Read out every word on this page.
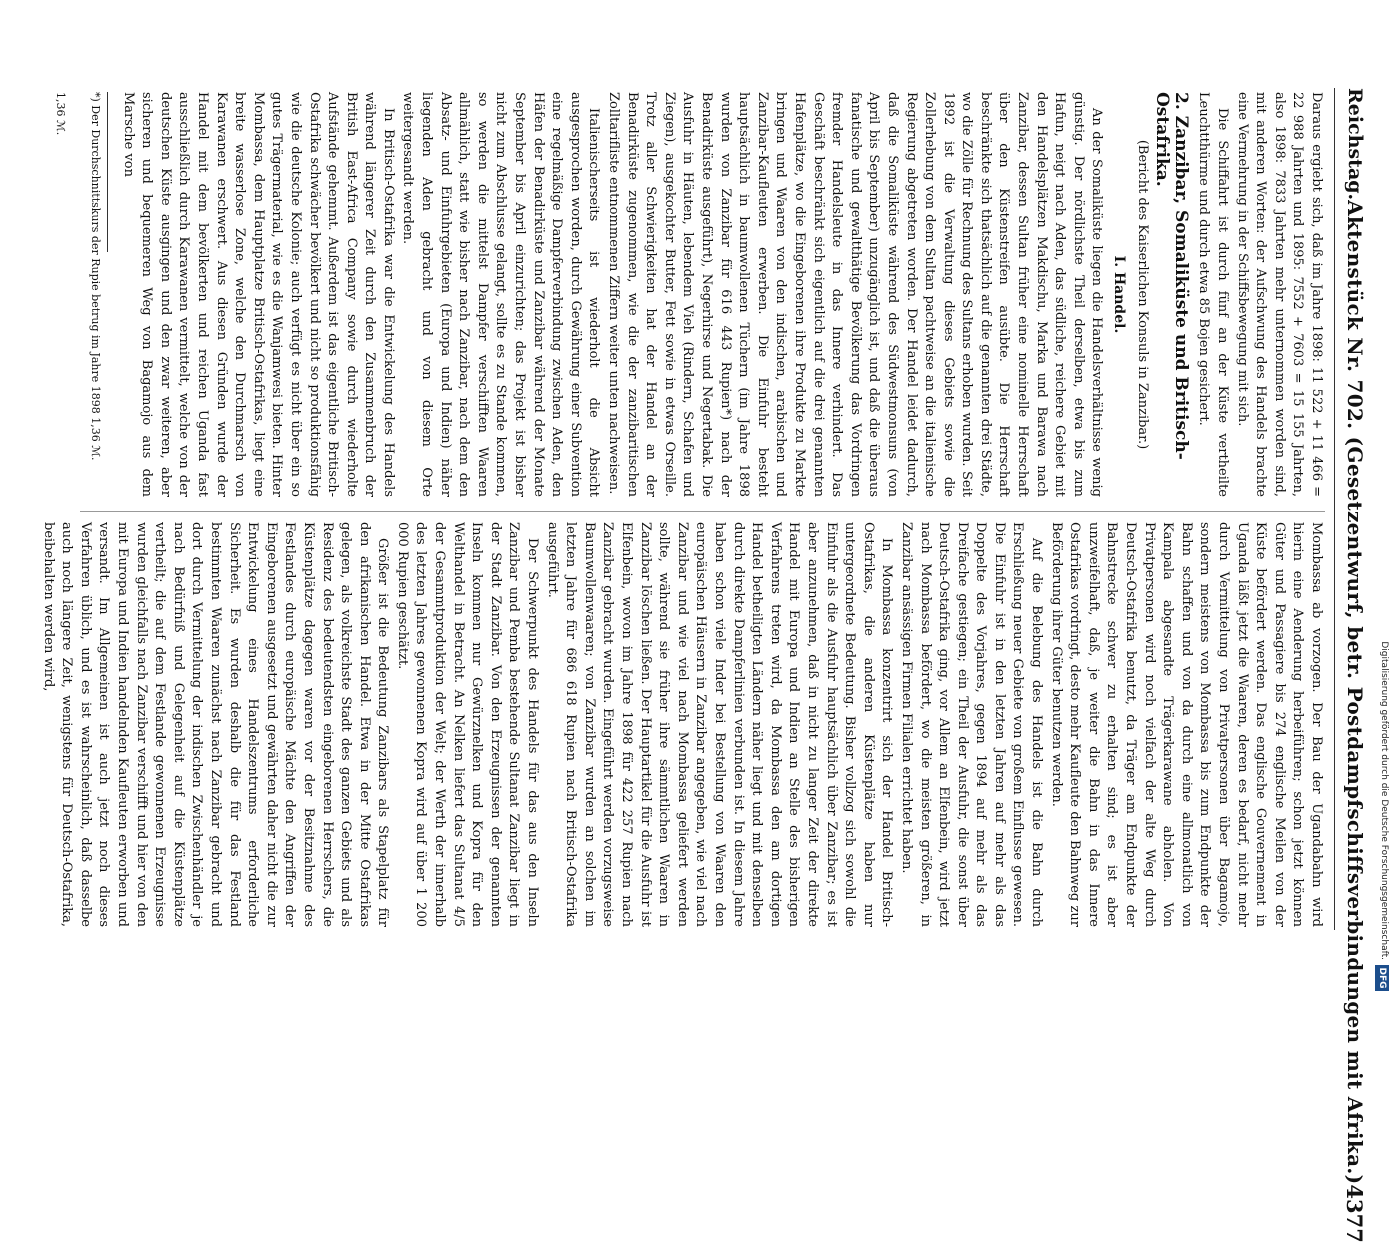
Digitalisierung gefördert durch die Deutsche Forschungsgemeinschaft.
DFG
Reichstag.
Aktenstück Nr. 702. (Gesetzentwurf, betr. Postdampfschiffsverbindungen mit Afrika.)
4377

Daraus ergiebt sich, daß im Jahre 1898: 11 522 + 11 466 = 22 988 Jahrten und 1895: 7552 + 7603 = 15 155 Jahrten, also 1898: 7833 Jahrten mehr unternommen worden sind, mit anderen Worten: der Aufschwung des Handels brachte eine Vermehrung in der Schiffsbewegung mit sich.

Die Schiffahrt ist durch fünf an der Küste vertheilte Leuchtthürme und durch etwa 85 Bojen gesichert.

2. Zanzibar, Somaliküste und Britisch-Ostafrika.
(Bericht des Kaiserlichen Konsuls in Zanzibar.)
I. Handel.

An der Somaliküste liegen die Handelsverhältnisse wenig günstig. Der nördlichste Theil derselben, etwa bis zum Hafun, neigt nach Aden, das südliche, reichere Gebiet mit den Handelsplätzen Makdischu, Marka und Barawa nach Zanzibar, dessen Sultan früher eine nominelle Herrschaft über den Küstenstreifen ausübte. Die Herrschaft beschränkte sich thatsächlich auf die genannten drei Städte, wo die Zölle für Rechnung des Sultans erhoben wurden. Seit 1892 ist die Verwaltung dieses Gebiets sowie die Zollerhebung von dem Sultan pachtweise an die italienische Regierung abgetreten worden. Der Handel leidet dadurch, daß die Somaliküste während des Südwestmonsuns (von April bis September) unzugänglich ist, und daß die überaus fanatische und gewaltthätige Bevölkerung das Vordringen fremder Handelsleute in das Innere verhindert. Das Geschäft beschränkt sich eigentlich auf die drei genannten Hafenplätze, wo die Eingeborenen ihre Produkte zu Markte bringen und Waaren von den indischen, arabischen und Zanzibar-Kaufleuten erwerben. Die Einfuhr besteht hauptsächlich in baumwollenen Tüchern (im Jahre 1898 wurden von Zanzibar für 616 443 Rupien*) nach der Benadirküste ausgeführt), Negerhirse und Negertabak. Die Ausfuhr in Häuten, lebendem Vieh (Rindern, Schafen und Ziegen), ausgekochter Butter, Fett sowie in etwas Orseille. Trotz aller Schwierigkeiten hat der Handel an der Benadirküste zugenommen, wie die der zanzibaritischen Zolltarifliste entnommenen Ziffern weiter unten nachweisen.

Italienischerseits ist wiederholt die Absicht ausgesprochen worden, durch Gewährung einer Subvention eine regelmäßige Dampferverbindung zwischen Aden, den Häfen der Benadirküste und Zanzibar während der Monate September bis April einzurichten; das Projekt ist bisher nicht zum Abschlusse gelangt, sollte es zu Stande kommen, so werden die mittelst Dampfer verschifften Waaren allmählich, statt wie bisher nach Zanzibar, nach dem den Absatz- und Einfuhrgebieten (Europa und Indien) näher liegenden Aden gebracht und von diesem Orte weitergesandt werden.

In Britisch-Ostafrika war die Entwickelung des Handels während längerer Zeit durch den Zusammenbruch der British East-Africa Company sowie durch wiederholte Aufstände gehemmt. Außerdem ist das eigentliche Britisch-Ostafrika schwächer bevölkert und nicht so produktionsfähig wie die deutsche Kolonie; auch verfügt es nicht über ein so gutes Trägermaterial, wie es die Wanjamwesi bieten. Hinter Mombassa, dem Hauptplatze Britisch-Ostafrikas, liegt eine breite wasserlose Zone, welche den Durchmarsch von Karawanen erschwert. Aus diesen Gründen wurde der Handel mit dem bevölkerten und reichen Uganda fast ausschließlich durch Karawanen vermittelt, welche von der deutschen Küste ausgingen und den zwar weiteren, aber sicheren und bequemeren Weg von Bagamojo aus dem Marsche von

*) Der Durchschnittskurs der Rupie betrug im Jahre 1898 1,36 ℳ.

Mombassa ab vorzogen. Der Bau der Ugandabahn wird hierin eine Aenderung herbeiführen; schon jetzt können Güter und Passagiere bis 274 englische Meilen von der Küste befördert werden. Das englische Gouvernement in Uganda läßt jetzt die Waaren, deren es bedarf, nicht mehr durch Vermittelung von Privatpersonen über Bagamojo, sondern meistens von Mombassa bis zum Endpunkte der Bahn schaffen und von da durch eine allmonatlich von Kampala abgesandte Trägerkarawane abholen. Von Privatpersonen wird noch vielfach der alte Weg durch Deutsch-Ostafrika benutzt, da Träger am Endpunkte der Bahnstrecke schwer zu erhalten sind; es ist aber unzweifelhaft, daß, je weiter die Bahn in das Innere Ostafrikas vordringt, desto mehr Kaufleute den Bahnweg zur Beförderung ihrer Güter benutzen werden.

Auf die Belebung des Handels ist die Bahn durch Erschließung neuer Gebiete von großem Einflusse gewesen. Die Einfuhr ist in den letzten Jahren auf mehr als das Doppelte des Vorjahres, gegen 1894 auf mehr als das Dreifache gestiegen; ein Theil der Ausfuhr, die sonst über Deutsch-Ostafrika ging, vor Allem an Elfenbein, wird jetzt nach Mombassa befördert, wo die meisten größeren, in Zanzibar ansässigen Firmen Filialen errichtet haben.

In Mombassa konzentrirt sich der Handel Britisch-Ostafrikas, die anderen Küstenplätze haben nur untergeordnete Bedeutung. Bisher vollzog sich sowohl die Einfuhr als die Ausfuhr hauptsächlich über Zanzibar; es ist aber anzunehmen, daß in nicht zu langer Zeit der direkte Handel mit Europa und Indien an Stelle des bisherigen Verfahrens treten wird, da Mombassa den am dortigen Handel betheiligten Ländern näher liegt und mit denselben durch direkte Dampferlinien verbunden ist. In diesem Jahre haben schon viele Inder bei Bestellung von Waaren den europäischen Häusern in Zanzibar angegeben, wie viel nach Zanzibar und wie viel nach Mombassa geliefert werden sollte, während sie früher ihre sämmtlichen Waaren in Zanzibar löschen ließen. Der Hauptartikel für die Ausfuhr ist Elfenbein, wovon im Jahre 1898 für 422 257 Rupien nach Zanzibar gebracht wurden. Eingeführt werden vorzugsweise Baumwollenwaaren; von Zanzibar wurden an solchen im letzten Jahre für 686 618 Rupien nach Britisch-Ostafrika ausgeführt.

Der Schwerpunkt des Handels für das aus den Inseln Zanzibar und Pemba bestehende Sultanat Zanzibar liegt in der Stadt Zanzibar. Von den Erzeugnissen der genannten Inseln kommen nur Gewürznelken und Kopra für den Welthandel in Betracht. An Nelken liefert das Sultanat 4/5 der Gesammtproduktion der Welt; der Werth der innerhalb des letzten Jahres gewonnenen Kopra wird auf über 1 200 000 Rupien geschätzt.

Größer ist die Bedeutung Zanzibars als Stapelplatz für den afrikanischen Handel. Etwa in der Mitte Ostafrikas gelegen, als volkreichste Stadt des ganzen Gebiets und als Residenz des bedeutendsten eingeborenen Herrschers, die Küstenplätze dagegen waren vor der Besitznahme des Festlandes durch europäische Mächte den Angriffen der Eingeborenen ausgesetzt und gewährten daher nicht die zur Entwickelung eines Handelszentrums erforderliche Sicherheit. Es wurden deshalb die für das Festland bestimmten Waaren zunächst nach Zanzibar gebracht und dort durch Vermittelung der indischen Zwischenhändler je nach Bedürfniß und Gelegenheit auf die Küstenplätze vertheilt; die auf dem Festlande gewonnenen Erzeugnisse wurden gleichfalls nach Zanzibar verschifft und hier von den mit Europa und Indien handelnden Kaufleuten erworben und versandt. Im Allgemeinen ist auch jetzt noch dieses Verfahren üblich, und es ist wahrscheinlich, daß dasselbe auch noch längere Zeit, wenigstens für Deutsch-Ostafrika, beibehalten werden wird,

1,36 ℳ.
